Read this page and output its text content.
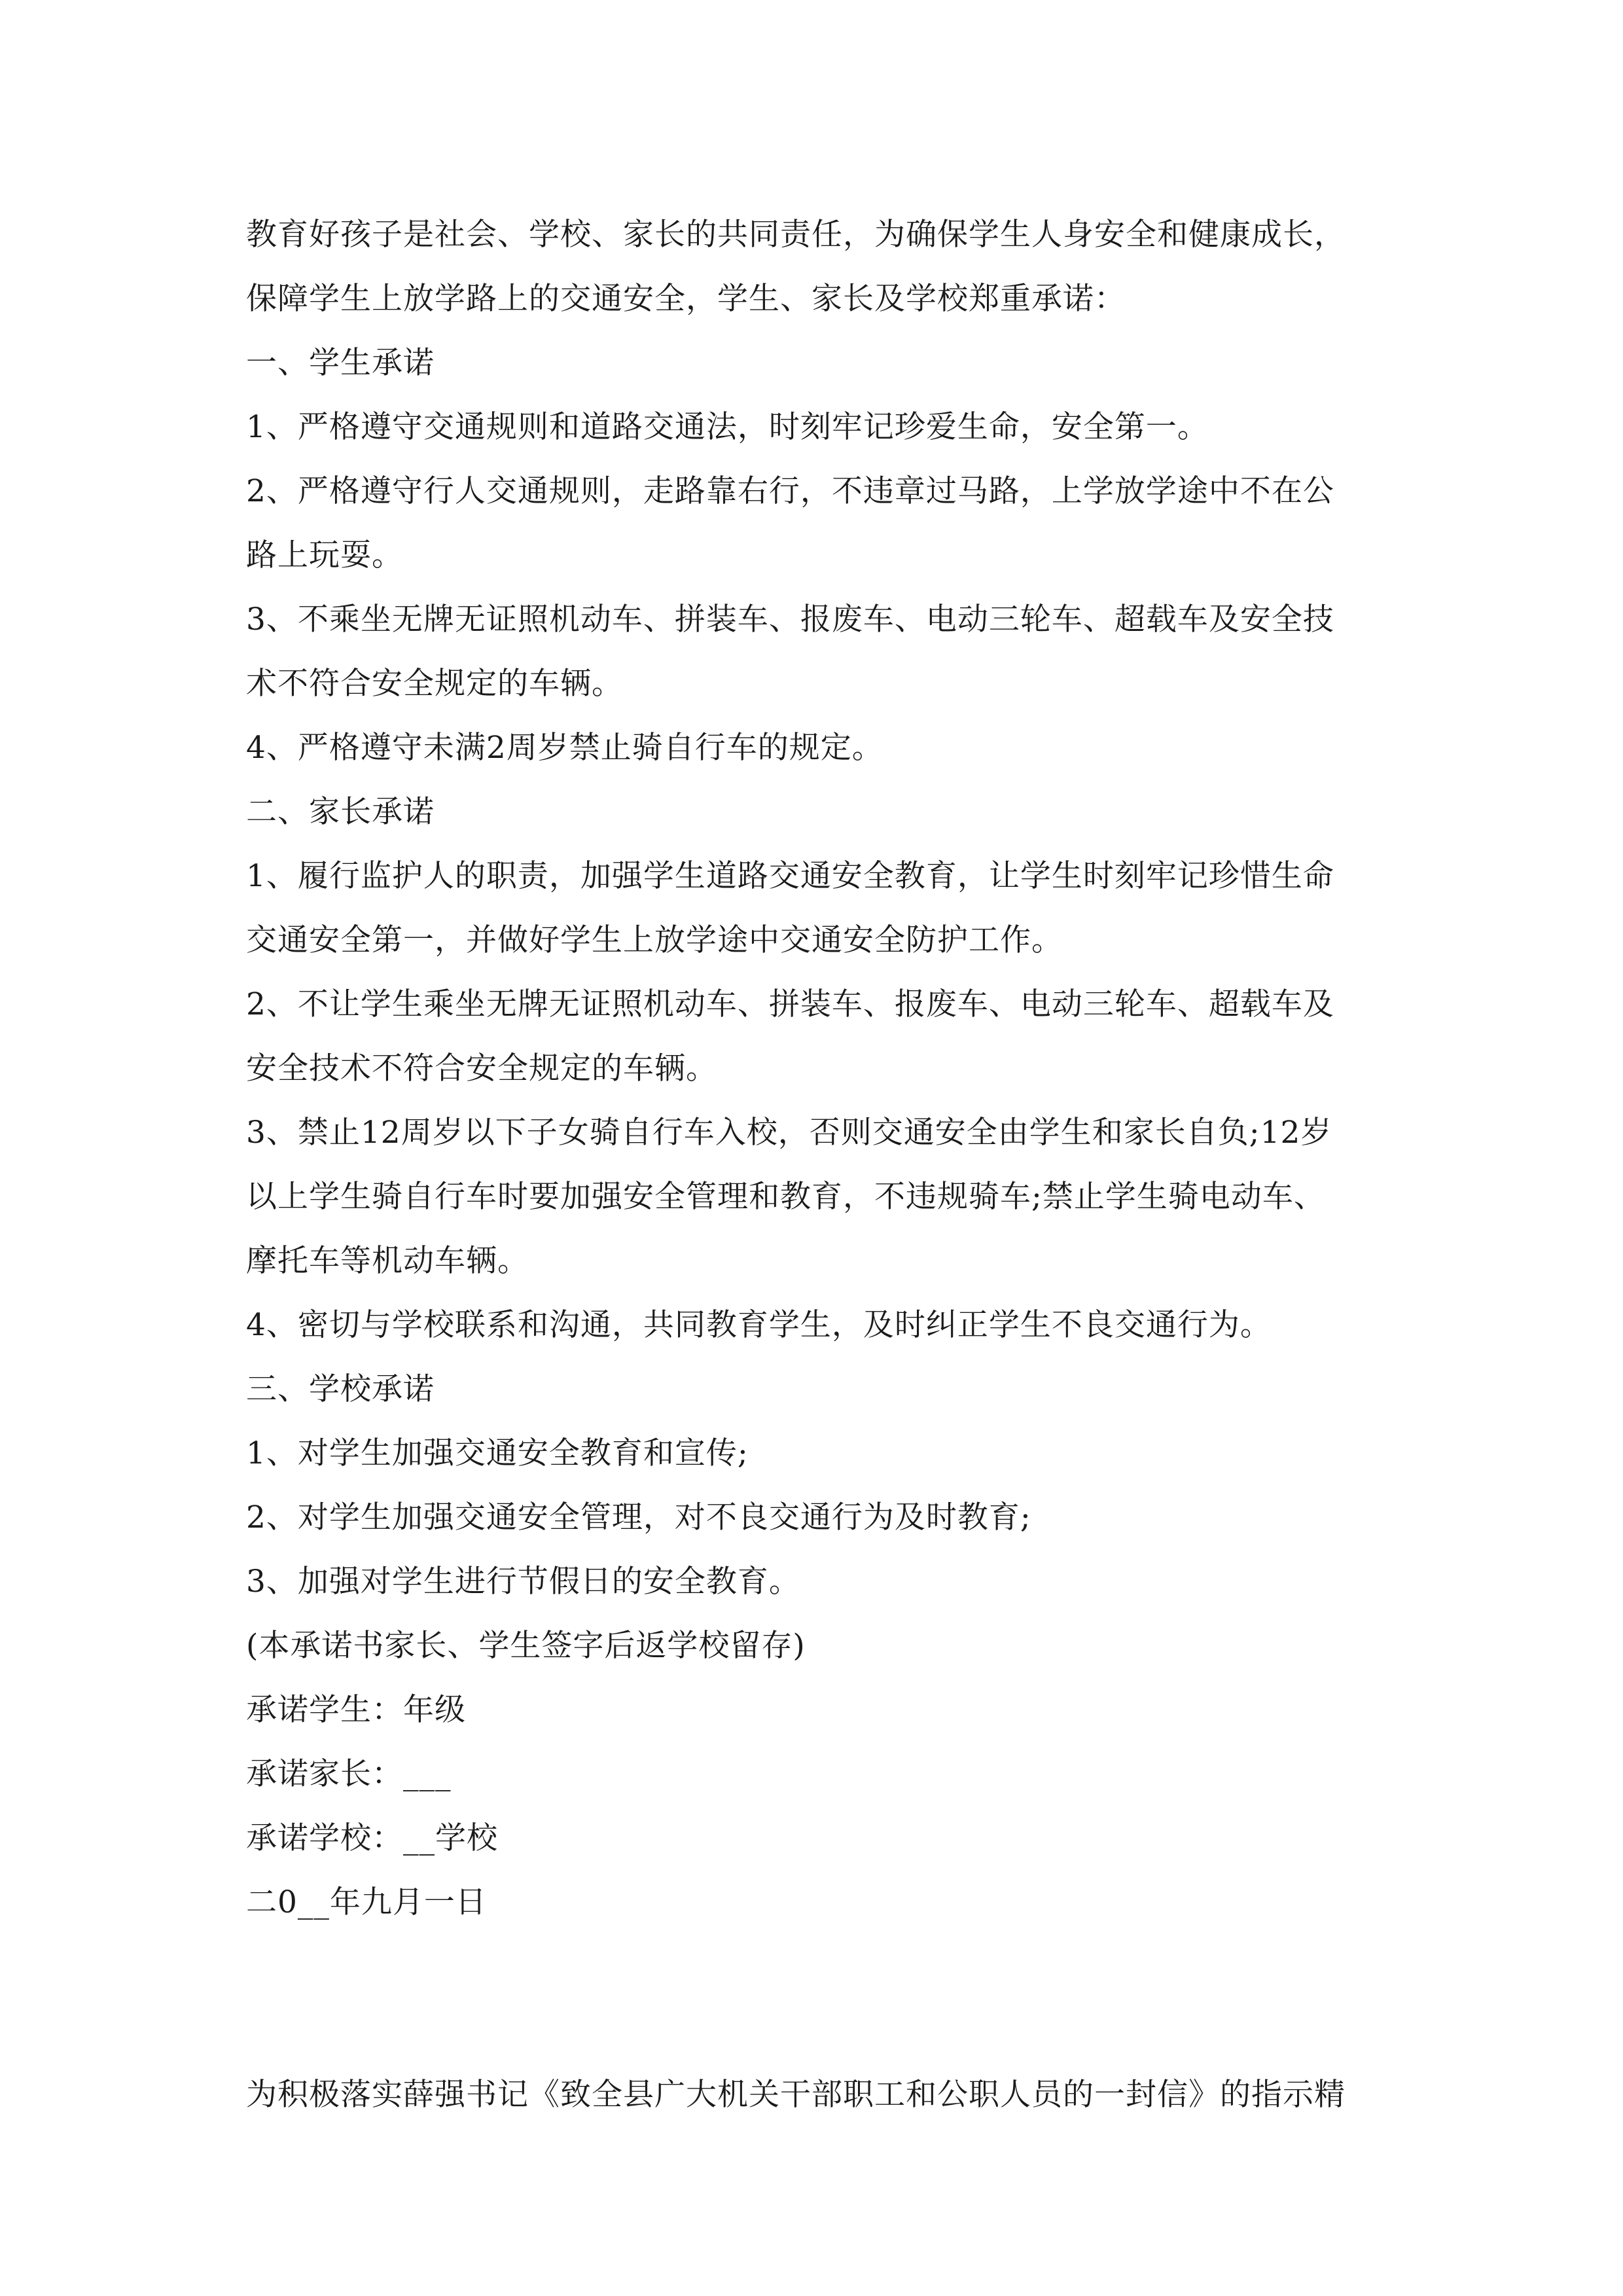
教育好孩子是社会、学校、家长的共同责任，为确保学生人身安全和健康成长，
保障学生上放学路上的交通安全，学生、家长及学校郑重承诺：
一、学生承诺
1、严格遵守交通规则和道路交通法，时刻牢记珍爱生命，安全第一。
2、严格遵守行人交通规则，走路靠右行，不违章过马路，上学放学途中不在公
路上玩耍。
3、不乘坐无牌无证照机动车、拼装车、报废车、电动三轮车、超载车及安全技
术不符合安全规定的车辆。
4、严格遵守未满2周岁禁止骑自行车的规定。
二、家长承诺
1、履行监护人的职责，加强学生道路交通安全教育，让学生时刻牢记珍惜生命
交通安全第一，并做好学生上放学途中交通安全防护工作。
2、不让学生乘坐无牌无证照机动车、拼装车、报废车、电动三轮车、超载车及
安全技术不符合安全规定的车辆。
3、禁止12周岁以下子女骑自行车入校，否则交通安全由学生和家长自负;12岁
以上学生骑自行车时要加强安全管理和教育，不违规骑车;禁止学生骑电动车、
摩托车等机动车辆。
4、密切与学校联系和沟通，共同教育学生，及时纠正学生不良交通行为。
三、学校承诺
1、对学生加强交通安全教育和宣传;
2、对学生加强交通安全管理，对不良交通行为及时教育;
3、加强对学生进行节假日的安全教育。
(本承诺书家长、学生签字后返学校留存)
承诺学生：年级
承诺家长：___
承诺学校：__学校
二0__年九月一日
为积极落实薛强书记《致全县广大机关干部职工和公职人员的一封信》的指示精
